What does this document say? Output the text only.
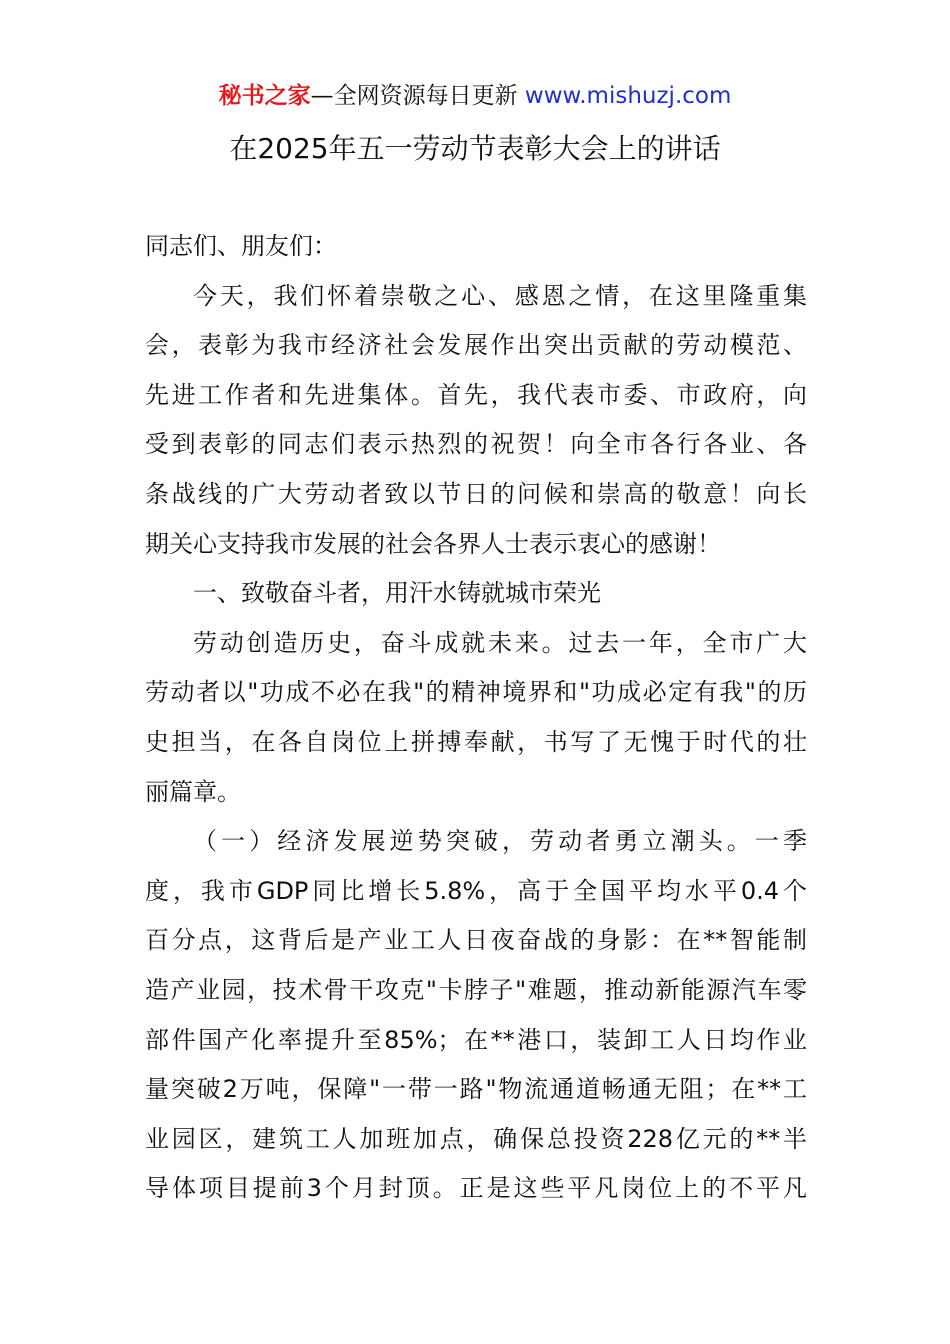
秘书之家—全网资源每日更新 www.mishuzj.com
在2025年五一劳动节表彰大会上的讲话
同志们、朋友们：
今天，我们怀着崇敬之心、感恩之情，在这里隆重集
会，表彰为我市经济社会发展作出突出贡献的劳动模范、
先进工作者和先进集体。首先，我代表市委、市政府，向
受到表彰的同志们表示热烈的祝贺！向全市各行各业、各
条战线的广大劳动者致以节日的问候和崇高的敬意！向长
期关心支持我市发展的社会各界人士表示衷心的感谢！
一、致敬奋斗者，用汗水铸就城市荣光
劳动创造历史，奋斗成就未来。过去一年，全市广大
劳动者以"功成不必在我"的精神境界和"功成必定有我"的历
史担当，在各自岗位上拼搏奉献，书写了无愧于时代的壮
丽篇章。
（一）经济发展逆势突破，劳动者勇立潮头。一季
度，我市GDP同比增长5.8%，高于全国平均水平0.4个
百分点，这背后是产业工人日夜奋战的身影：在**智能制
造产业园，技术骨干攻克"卡脖子"难题，推动新能源汽车零
部件国产化率提升至85%；在**港口，装卸工人日均作业
量突破2万吨，保障"一带一路"物流通道畅通无阻；在**工
业园区，建筑工人加班加点，确保总投资228亿元的**半
导体项目提前3个月封顶。正是这些平凡岗位上的不平凡
